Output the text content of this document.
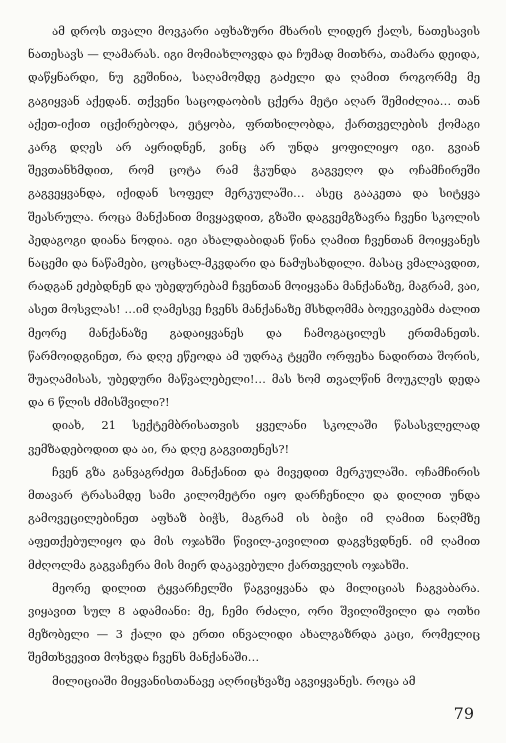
ამ დროს თვალი მოვკარი აფხაზური მხარის ლიდერ ქალს, ნათესავის ნათესავს — ლამარას. იგი მომიახლოვდა და ჩუმად მითხრა, თამარა დეიდა, დაწყნარდი, ნუ გეშინია, საღამომდე გაძელი და ღამით როგორმე მე გაგიყვან აქედან. თქვენი საცოდაობის ცქერა მეტი აღარ შემიძლია… თან აქეთ-იქით იცქირებოდა, ეტყობა, ფრთხილობდა, ქართველების ქომაგი კარგ დღეს არ აყრიდნენ, ვინც არ უნდა ყოფილიყო იგი. გვიან შევთანხმდით, რომ ცოტა რამ ჭკუნდა გაგვეღო და ოჩამჩირეში გაგვეყვანდა, იქიდან სოფელ მერკულაში… ასეც გააკეთა და სიტყვა შეასრულა. როცა მანქანით მივყავდით, გზაში დაგვემგზავრა ჩვენი სკოლის პედაგოგი დიანა ნოდია. იგი ახალდაბიდან წინა ღამით ჩვენთან მოიყვანეს ნაცემი და ნაწამები, ცოცხალ-მკვდარი და ნამუსახდილი. მასაც ვმალავდით, რადგან ეძებდნენ და უბედურებამ ჩვენთან მოიყვანა მანქანაზე, მაგრამ, ვაი, ასეთ მოსვლას! …იმ ღამესვე ჩვენს მანქანაზე მსხდომმა ბოევიკებმა ძალით მეორე მანქანაზე გადაიყვანეს და ჩამოგაცილეს ერთმანეთს. წარმოიდგინეთ, რა დღე ეწეოდა ამ უდრაკ ტყეში ორფეხა ნადირთა შორის, შუაღამისას, უბედური მაწვალებელი!… მას ხომ თვალწინ მოუკლეს დედა და 6 წლის ძმისშვილი?!

დიახ, 21 სექტემბრისათვის ყველანი სკოლაში წასასვლელად ვემზადებოდით და აი, რა დღე გაგვითენეს?!

ჩვენ გზა განვაგრძეთ მანქანით და მივედით მერკულაში. ოჩამჩირის მთავარ ტრასამდე სამი კილომეტრი იყო დარჩენილი და დილით უნდა გამოვეცილებინეთ აფხაზ ბიჭს, მაგრამ ის ბიჭი იმ ღამით ნაღმზე აფეთქებულიყო და მის ოჯახში წივილ-კივილით დაგვხვდნენ. იმ ღამით მძღოლმა გაგვაჩერა მის მიერ დაკავებული ქართველის ოჯახში.

მეორე დილით ტყვარჩელში წაგვიყვანა და მილიციას ჩაგვაბარა. ვიყავით სულ 8 ადამიანი: მე, ჩემი რძალი, ორი შვილიშვილი და ოთხი მეზობელი — 3 ქალი და ერთი ინვალიდი ახალგაზრდა კაცი, რომელიც შემთხვევით მოხვდა ჩვენს მანქანაში…

მილიციაში მიყვანისთანავე აღრიცხვაზე აგვიყვანეს. როცა ამ

79
